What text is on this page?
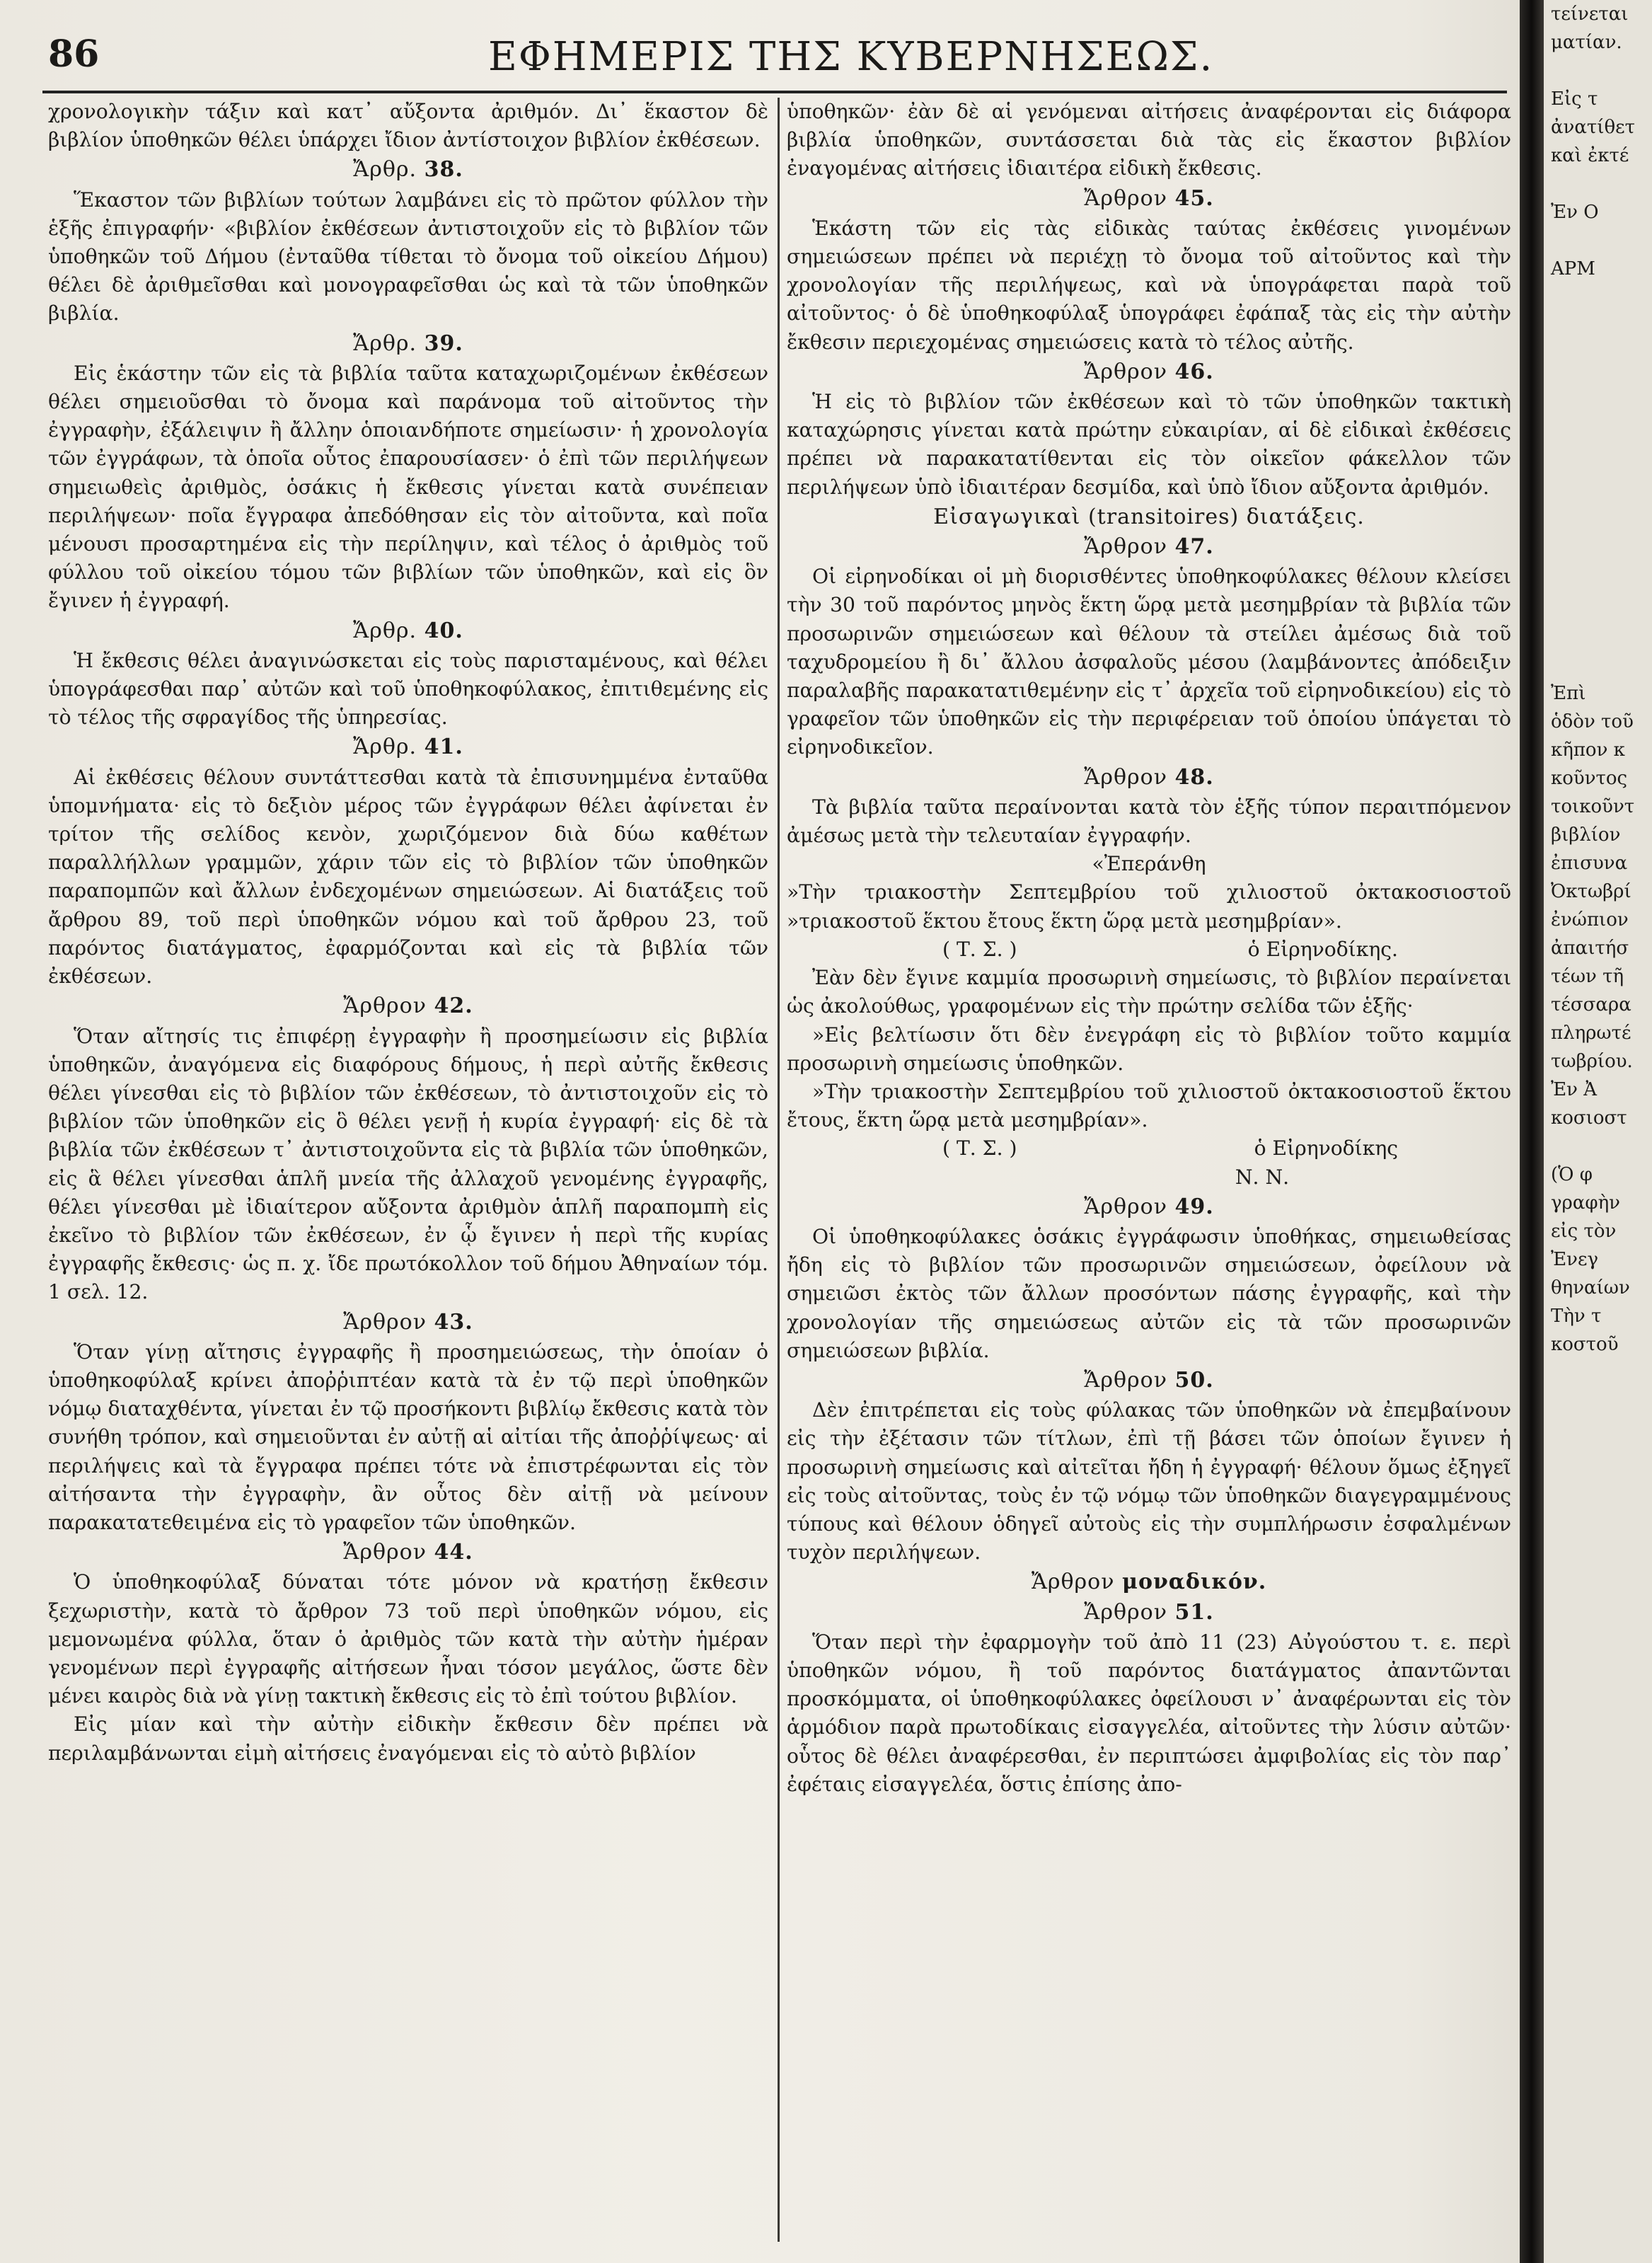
86	ΕΦΗΜΕΡΙΣ ΤΗΣ ΚΥΒΕΡΝΗΣΕΩΣ.

χρονολογικὴν τάξιν καὶ κατ᾽ αὔξοντα ἀριθμόν. Δι᾽ ἕκαστον δὲ βιβλίον ὑποθηκῶν θέλει ὑπάρχει ἴδιον ἀντίστοιχον βιβλίον ἐκθέσεων.

Ἄρθρ. 38.

Ἕκαστον τῶν βιβλίων τούτων λαμβάνει εἰς τὸ πρῶτον φύλλον τὴν ἑξῆς ἐπιγραφήν· «βιβλίον ἐκθέσεων ἀντιστοιχοῦν εἰς τὸ βιβλίον τῶν ὑποθηκῶν τοῦ Δήμου (ἐνταῦθα τίθεται τὸ ὄνομα τοῦ οἰκείου Δήμου) θέλει δὲ ἀριθμεῖσθαι καὶ μονογραφεῖσθαι ὡς καὶ τὰ τῶν ὑποθηκῶν βιβλία.

Ἄρθρ. 39.

Εἰς ἑκάστην τῶν εἰς τὰ βιβλία ταῦτα καταχωριζομένων ἐκθέσεων θέλει σημειοῦσθαι τὸ ὄνομα καὶ παράνομα τοῦ αἰτοῦντος τὴν ἐγγραφὴν, ἐξάλειψιν ἢ ἄλλην ὁποιανδήποτε σημείωσιν· ἡ χρονολογία τῶν ἐγγράφων, τὰ ὁποῖα οὗτος ἐπαρουσίασεν· ὁ ἐπὶ τῶν περιλήψεων σημειωθεὶς ἀριθμὸς, ὁσάκις ἡ ἔκθεσις γίνεται κατὰ συνέπειαν περιλήψεων· ποῖα ἔγγραφα ἀπεδόθησαν εἰς τὸν αἰτοῦντα, καὶ ποῖα μένουσι προσαρτημένα εἰς τὴν περίληψιν, καὶ τέλος ὁ ἀριθμὸς τοῦ φύλλου τοῦ οἰκείου τόμου τῶν βιβλίων τῶν ὑποθηκῶν, καὶ εἰς ὃν ἔγινεν ἡ ἐγγραφή.

Ἄρθρ. 40.

Ἡ ἔκθεσις θέλει ἀναγινώσκεται εἰς τοὺς παρισταμένους, καὶ θέλει ὑπογράφεσθαι παρ᾽ αὐτῶν καὶ τοῦ ὑποθηκοφύλακος, ἐπιτιθεμένης εἰς τὸ τέλος τῆς σφραγίδος τῆς ὑπηρεσίας.

Ἄρθρ. 41.

Αἱ ἐκθέσεις θέλουν συντάττεσθαι κατὰ τὰ ἐπισυνημμένα ἐνταῦθα ὑπομνήματα· εἰς τὸ δεξιὸν μέρος τῶν ἐγγράφων θέλει ἀφίνεται ἐν τρίτον τῆς σελίδος κενὸν, χωριζόμενον διὰ δύω καθέτων παραλλήλλων γραμμῶν, χάριν τῶν εἰς τὸ βιβλίον τῶν ὑποθηκῶν παραπομπῶν καὶ ἄλλων ἐνδεχομένων σημειώσεων. Αἱ διατάξεις τοῦ ἄρθρου 89, τοῦ περὶ ὑποθηκῶν νόμου καὶ τοῦ ἄρθρου 23, τοῦ παρόντος διατάγματος, ἐφαρμόζονται καὶ εἰς τὰ βιβλία τῶν ἐκθέσεων.

Ἄρθρον 42.

Ὅταν αἴτησίς τις ἐπιφέρῃ ἐγγραφὴν ἢ προσημείωσιν εἰς βιβλία ὑποθηκῶν, ἀναγόμενα εἰς διαφόρους δήμους, ἡ περὶ αὐτῆς ἔκθεσις θέλει γίνεσθαι εἰς τὸ βιβλίον τῶν ἐκθέσεων, τὸ ἀντιστοιχοῦν εἰς τὸ βιβλίον τῶν ὑποθηκῶν εἰς ὃ θέλει γενῇ ἡ κυρία ἐγγραφή· εἰς δὲ τὰ βιβλία τῶν ἐκθέσεων τ᾽ ἀντιστοιχοῦντα εἰς τὰ βιβλία τῶν ὑποθηκῶν, εἰς ἃ θέλει γίνεσθαι ἁπλῆ μνεία τῆς ἀλλαχοῦ γενομένης ἐγγραφῆς, θέλει γίνεσθαι μὲ ἰδιαίτερον αὔξοντα ἀριθμὸν ἁπλῆ παραπομπὴ εἰς ἐκεῖνο τὸ βιβλίον τῶν ἐκθέσεων, ἐν ᾧ ἔγινεν ἡ περὶ τῆς κυρίας ἐγγραφῆς ἔκθεσις· ὡς π. χ. ἴδε πρωτόκολλον τοῦ δήμου Ἀθηναίων τόμ. 1 σελ. 12.

Ἄρθρον 43.

Ὅταν γίνῃ αἴτησις ἐγγραφῆς ἢ προσημειώσεως, τὴν ὁποίαν ὁ ὑποθηκοφύλαξ κρίνει ἀποῤῥιπτέαν κατὰ τὰ ἐν τῷ περὶ ὑποθηκῶν νόμῳ διαταχθέντα, γίνεται ἐν τῷ προσήκοντι βιβλίῳ ἔκθεσις κατὰ τὸν συνήθη τρόπον, καὶ σημειοῦνται ἐν αὐτῇ αἱ αἰτίαι τῆς ἀποῤῥίψεως· αἱ περιλήψεις καὶ τὰ ἔγγραφα πρέπει τότε νὰ ἐπιστρέφωνται εἰς τὸν αἰτήσαντα τὴν ἐγγραφὴν, ἂν οὗτος δὲν αἰτῇ νὰ μείνουν παρακατατεθειμένα εἰς τὸ γραφεῖον τῶν ὑποθηκῶν.

Ἄρθρον 44.

Ὁ ὑποθηκοφύλαξ δύναται τότε μόνον νὰ κρατήσῃ ἔκθεσιν ξεχωριστὴν, κατὰ τὸ ἄρθρον 73 τοῦ περὶ ὑποθηκῶν νόμου, εἰς μεμονωμένα φύλλα, ὅταν ὁ ἀριθμὸς τῶν κατὰ τὴν αὐτὴν ἡμέραν γενομένων περὶ ἐγγραφῆς αἰτήσεων ἦναι τόσον μεγάλος, ὥστε δὲν μένει καιρὸς διὰ νὰ γίνῃ τακτικὴ ἔκθεσις εἰς τὸ ἐπὶ τούτου βιβλίον.

Εἰς μίαν καὶ τὴν αὐτὴν εἰδικὴν ἔκθεσιν δὲν πρέπει νὰ περιλαμβάνωνται εἰμὴ αἰτήσεις ἐναγόμεναι εἰς τὸ αὐτὸ βιβλίον

ὑποθηκῶν· ἐὰν δὲ αἱ γενόμεναι αἰτήσεις ἀναφέρονται εἰς διάφορα βιβλία ὑποθηκῶν, συντάσσεται διὰ τὰς εἰς ἕκαστον βιβλίον ἐναγομένας αἰτήσεις ἰδιαιτέρα εἰδικὴ ἔκθεσις.

Ἄρθρον 45.

Ἑκάστη τῶν εἰς τὰς εἰδικὰς ταύτας ἐκθέσεις γινομένων σημειώσεων πρέπει νὰ περιέχῃ τὸ ὄνομα τοῦ αἰτοῦντος καὶ τὴν χρονολογίαν τῆς περιλήψεως, καὶ νὰ ὑπογράφεται παρὰ τοῦ αἰτοῦντος· ὁ δὲ ὑποθηκοφύλαξ ὑπογράφει ἐφάπαξ τὰς εἰς τὴν αὐτὴν ἔκθεσιν περιεχομένας σημειώσεις κατὰ τὸ τέλος αὐτῆς.

Ἄρθρον 46.

Ἡ εἰς τὸ βιβλίον τῶν ἐκθέσεων καὶ τὸ τῶν ὑποθηκῶν τακτικὴ καταχώρησις γίνεται κατὰ πρώτην εὐκαιρίαν, αἱ δὲ εἰδικαὶ ἐκθέσεις πρέπει νὰ παρακατατίθενται εἰς τὸν οἰκεῖον φάκελλον τῶν περιλήψεων ὑπὸ ἰδιαιτέραν δεσμίδα, καὶ ὑπὸ ἴδιον αὔξοντα ἀριθμόν.

Εἰσαγωγικαὶ (transitoires) διατάξεις.
Ἄρθρον 47.

Οἱ εἰρηνοδίκαι οἱ μὴ διορισθέντες ὑποθηκοφύλακες θέλουν κλείσει τὴν 30 τοῦ παρόντος μηνὸς ἕκτη ὥρᾳ μετὰ μεσημβρίαν τὰ βιβλία τῶν προσωρινῶν σημειώσεων καὶ θέλουν τὰ στείλει ἀμέσως διὰ τοῦ ταχυδρομείου ἢ δι᾽ ἄλλου ἀσφαλοῦς μέσου (λαμβάνοντες ἀπόδειξιν παραλαβῆς παρακατατιθεμένην εἰς τ᾽ ἀρχεῖα τοῦ εἰρηνοδικείου) εἰς τὸ γραφεῖον τῶν ὑποθηκῶν εἰς τὴν περιφέρειαν τοῦ ὁποίου ὑπάγεται τὸ εἰρηνοδικεῖον.

Ἄρθρον 48.

Τὰ βιβλία ταῦτα περαίνονται κατὰ τὸν ἑξῆς τύπον περαιτπόμενον ἀμέσως μετὰ τὴν τελευταίαν ἐγγραφήν.

«Ἐπεράνθη

»Τὴν τριακοστὴν Σεπτεμβρίου τοῦ χιλιοστοῦ ὀκτακοσιοστοῦ »τριακοστοῦ ἕκτου ἔτους ἕκτη ὥρᾳ μετὰ μεσημβρίαν».

( Τ. Σ. )	ὁ Εἰρηνοδίκης.

Ἐὰν δὲν ἔγινε καμμία προσωρινὴ σημείωσις, τὸ βιβλίον περαίνεται ὡς ἀκολούθως, γραφομένων εἰς τὴν πρώτην σελίδα τῶν ἑξῆς·

»Εἰς βελτίωσιν ὅτι δὲν ἐνεγράφη εἰς τὸ βιβλίον τοῦτο καμμία προσωρινὴ σημείωσις ὑποθηκῶν.

»Τὴν τριακοστὴν Σεπτεμβρίου τοῦ χιλιοστοῦ ὀκτακοσιοστοῦ ἕκτου ἔτους, ἕκτη ὥρᾳ μετὰ μεσημβρίαν».

( Τ. Σ. )	ὁ Εἰρηνοδίκης
Ν. Ν.
Ἄρθρον 49.

Οἱ ὑποθηκοφύλακες ὁσάκις ἐγγράφωσιν ὑποθήκας, σημειωθείσας ἤδη εἰς τὸ βιβλίον τῶν προσωρινῶν σημειώσεων, ὀφείλουν νὰ σημειῶσι ἐκτὸς τῶν ἄλλων προσόντων πάσης ἐγγραφῆς, καὶ τὴν χρονολογίαν τῆς σημειώσεως αὐτῶν εἰς τὰ τῶν προσωρινῶν σημειώσεων βιβλία.

Ἄρθρον 50.

Δὲν ἐπιτρέπεται εἰς τοὺς φύλακας τῶν ὑποθηκῶν νὰ ἐπεμβαίνουν εἰς τὴν ἐξέτασιν τῶν τίτλων, ἐπὶ τῇ βάσει τῶν ὁποίων ἔγινεν ἡ προσωρινὴ σημείωσις καὶ αἰτεῖται ἤδη ἡ ἐγγραφή· θέλουν ὅμως ἐξηγεῖ εἰς τοὺς αἰτοῦντας, τοὺς ἐν τῷ νόμῳ τῶν ὑποθηκῶν διαγεγραμμένους τύπους καὶ θέλουν ὁδηγεῖ αὐτοὺς εἰς τὴν συμπλήρωσιν ἐσφαλμένων τυχὸν περιλήψεων.

Ἄρθρον μοναδικόν.
Ἄρθρον 51.

Ὅταν περὶ τὴν ἐφαρμογὴν τοῦ ἀπὸ 11 (23) Αὐγούστου τ. ε. περὶ ὑποθηκῶν νόμου, ἢ τοῦ παρόντος διατάγματος ἀπαντῶνται προσκόμματα, οἱ ὑποθηκοφύλακες ὀφείλουσι ν᾽ ἀναφέρωνται εἰς τὸν ἁρμόδιον παρὰ πρωτοδίκαις εἰσαγγελέα, αἰτοῦντες τὴν λύσιν αὐτῶν· οὗτος δὲ θέλει ἀναφέρεσθαι, ἐν περιπτώσει ἀμφιβολίας εἰς τὸν παρ᾽ ἐφέταις εἰσαγγελέα, ὅστις ἐπίσης ἀπο-

τείνεται
ματίαν.

Εἰς τ
ἀνατίθετ
καὶ ἐκτέ

Ἐν Ο

ΑΡΜ

Ἐπὶ
ὁδὸν τοῦ
κῆπον κ
κοῦντος
τοικοῦντ
βιβλίον
ἐπισυνα
Ὀκτωβρί
ἐνώπιον
ἀπαιτήσ
τέων τῆ
τέσσαρα
πληρωτέ
τωβρίου.
Ἐν Ἀ
κοσιοστ

(Ὁ φ
γραφὴν
εἰς τὸν
Ἐνεγ
θηναίων
Τὴν τ
κοστοῦ
